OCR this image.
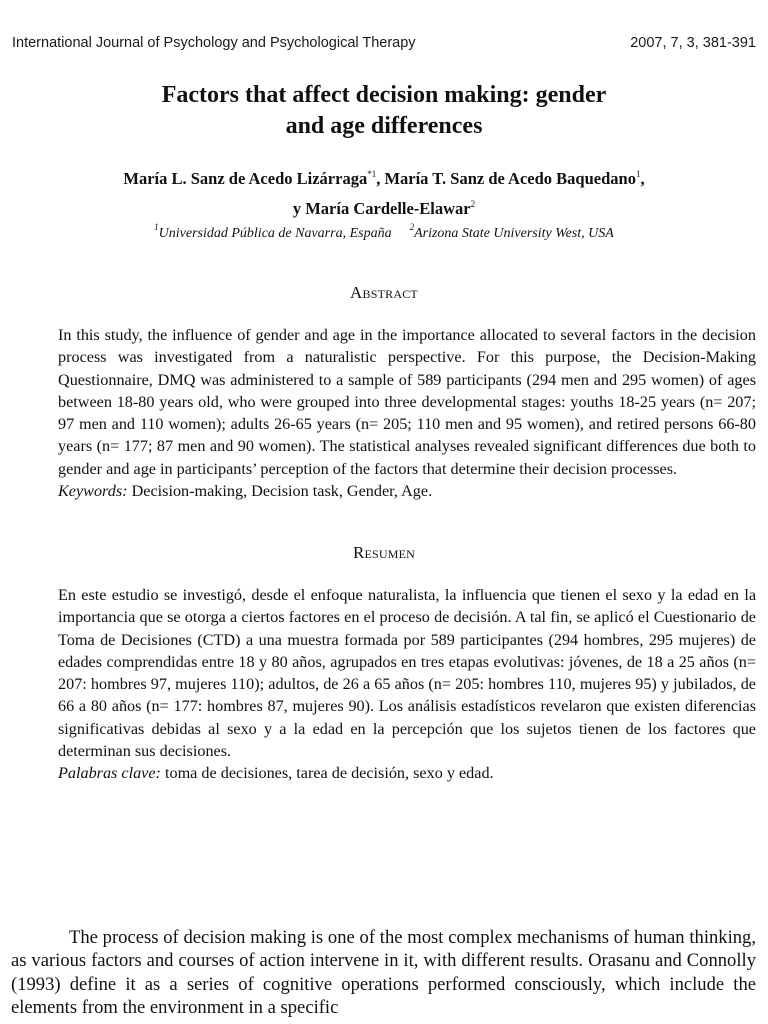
International Journal of Psychology and Psychological Therapy	2007, 7, 3, 381-391
Factors that affect decision making: gender
and age differences
María L. Sanz de Acedo Lizárraga$^{*1}$, María T. Sanz de Acedo Baquedano$^1$,
y María Cardelle-Elawar$^2$
$^1$Universidad Pública de Navarra, España $^2$Arizona State University West, USA
Abstract

In this study, the influence of gender and age in the importance allocated to several factors in the decision process was investigated from a naturalistic perspective. For this purpose, the Decision-Making Questionnaire, DMQ was administered to a sample of 589 participants (294 men and 295 women) of ages between 18-80 years old, who were grouped into three developmental stages: youths 18-25 years (n= 207; 97 men and 110 women); adults 26-65 years (n= 205; 110 men and 95 women), and retired persons 66-80 years (n= 177; 87 men and 90 women). The statistical analyses revealed significant differences due both to gender and age in participants’ perception of the factors that determine their decision processes.
Keywords: Decision-making, Decision task, Gender, Age.

Resumen

En este estudio se investigó, desde el enfoque naturalista, la influencia que tienen el sexo y la edad en la importancia que se otorga a ciertos factores en el proceso de decisión. A tal fin, se aplicó el Cuestionario de Toma de Decisiones (CTD) a una muestra formada por 589 participantes (294 hombres, 295 mujeres) de edades comprendidas entre 18 y 80 años, agrupados en tres etapas evolutivas: jóvenes, de 18 a 25 años (n= 207: hombres 97, mujeres 110); adultos, de 26 a 65 años (n= 205: hombres 110, mujeres 95) y jubilados, de 66 a 80 años (n= 177: hombres 87, mujeres 90). Los análisis estadísticos revelaron que existen diferencias significativas debidas al sexo y a la edad en la percepción que los sujetos tienen de los factores que determinan sus decisiones.
Palabras clave: toma de decisiones, tarea de decisión, sexo y edad.

The process of decision making is one of the most complex mechanisms of human thinking, as various factors and courses of action intervene in it, with different results. Orasanu and Connolly (1993) define it as a series of cognitive operations performed consciously, which include the elements from the environment in a specific
